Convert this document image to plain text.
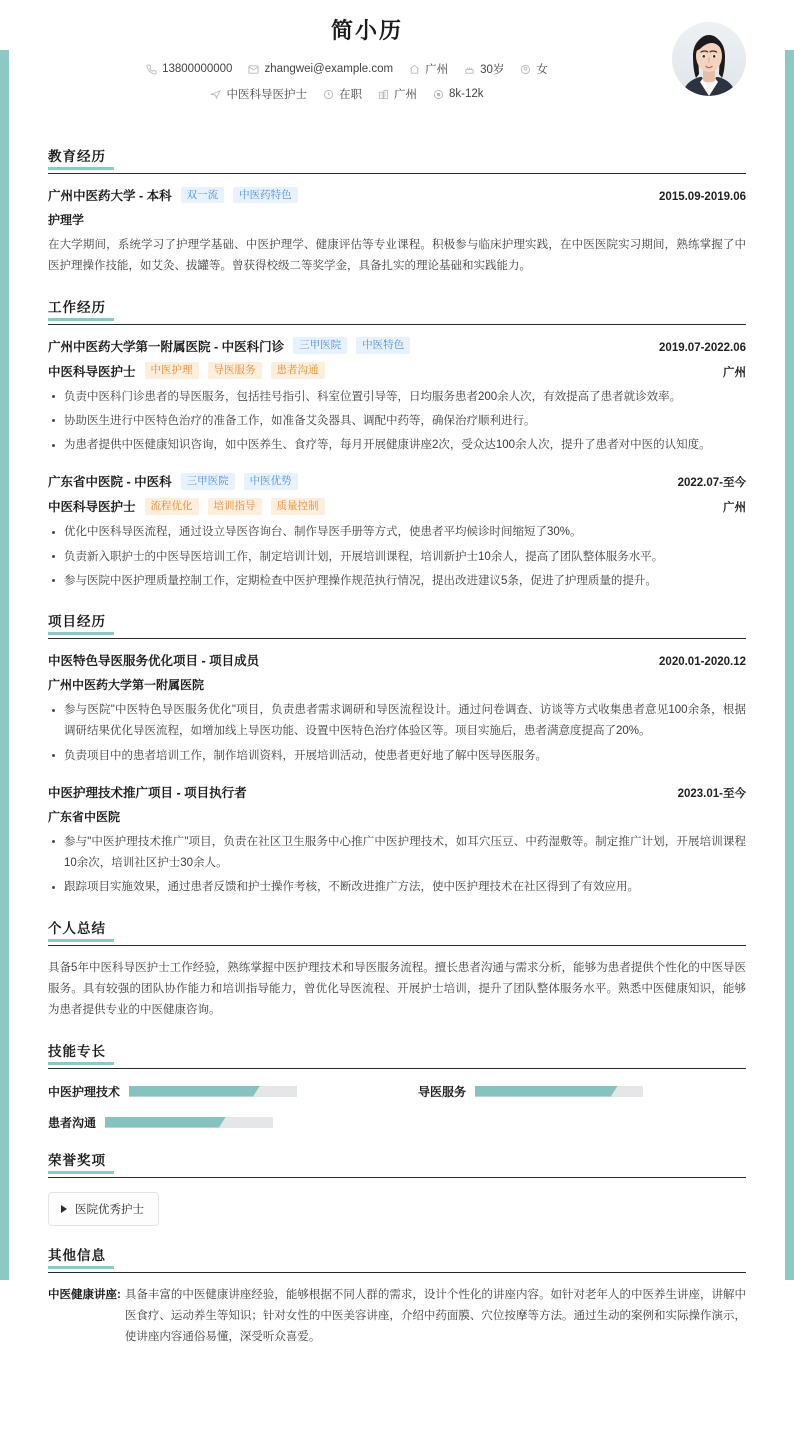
简小历
13800000000	zhangwei@example.com	广州	30岁	女
中医科导医护士	在职	广州	8k-12k
教育经历
广州中医药大学 - 本科	双一流	中医药特色	2015.09-2019.06
护理学
在大学期间，系统学习了护理学基础、中医护理学、健康评估等专业课程。积极参与临床护理实践，在中医医院实习期间，熟练掌握了中医护理操作技能，如艾灸、拔罐等。曾获得校级二等奖学金，具备扎实的理论基础和实践能力。
工作经历
广州中医药大学第一附属医院 - 中医科门诊	三甲医院	中医特色	2019.07-2022.06
中医科导医护士	中医护理	导医服务	患者沟通	广州
负责中医科门诊患者的导医服务，包括挂号指引、科室位置引导等，日均服务患者200余人次，有效提高了患者就诊效率。
协助医生进行中医特色治疗的准备工作，如准备艾灸器具、调配中药等，确保治疗顺利进行。
为患者提供中医健康知识咨询，如中医养生、食疗等，每月开展健康讲座2次，受众达100余人次，提升了患者对中医的认知度。
广东省中医院 - 中医科	三甲医院	中医优势	2022.07-至今
中医科导医护士	流程优化	培训指导	质量控制	广州
优化中医科导医流程，通过设立导医咨询台、制作导医手册等方式，使患者平均候诊时间缩短了30%。
负责新入职护士的中医导医培训工作，制定培训计划，开展培训课程，培训新护士10余人，提高了团队整体服务水平。
参与医院中医护理质量控制工作，定期检查中医护理操作规范执行情况，提出改进建议5条，促进了护理质量的提升。
项目经历
中医特色导医服务优化项目 - 项目成员	2020.01-2020.12
广州中医药大学第一附属医院
参与医院"中医特色导医服务优化"项目，负责患者需求调研和导医流程设计。通过问卷调查、访谈等方式收集患者意见100余条，根据调研结果优化导医流程，如增加线上导医功能、设置中医特色治疗体验区等。项目实施后，患者满意度提高了20%。
负责项目中的患者培训工作，制作培训资料，开展培训活动，使患者更好地了解中医导医服务。
中医护理技术推广项目 - 项目执行者	2023.01-至今
广东省中医院
参与"中医护理技术推广"项目，负责在社区卫生服务中心推广中医护理技术，如耳穴压豆、中药湿敷等。制定推广计划，开展培训课程10余次，培训社区护士30余人。
跟踪项目实施效果，通过患者反馈和护士操作考核，不断改进推广方法，使中医护理技术在社区得到了有效应用。
个人总结
具备5年中医科导医护士工作经验，熟练掌握中医护理技术和导医服务流程。擅长患者沟通与需求分析，能够为患者提供个性化的中医导医服务。具有较强的团队协作能力和培训指导能力，曾优化导医流程、开展护士培训，提升了团队整体服务水平。熟悉中医健康知识，能够为患者提供专业的中医健康咨询。
技能专长
中医护理技术	导医服务
患者沟通
荣誉奖项
医院优秀护士
其他信息
中医健康讲座: 具备丰富的中医健康讲座经验，能够根据不同人群的需求，设计个性化的讲座内容。如针对老年人的中医养生讲座，讲解中医食疗、运动养生等知识；针对女性的中医美容讲座，介绍中药面膜、穴位按摩等方法。通过生动的案例和实际操作演示，使讲座内容通俗易懂，深受听众喜爱。
